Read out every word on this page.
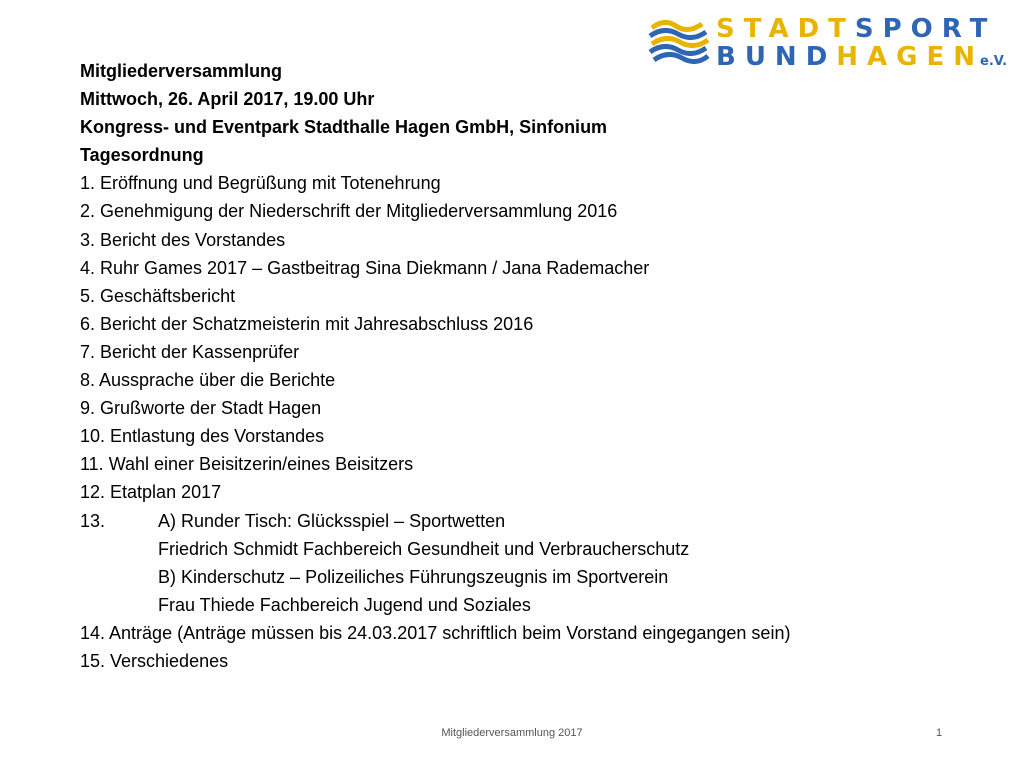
STADTSPORT
BUNDHAGENe.V.
Mitgliederversammlung
Mittwoch, 26. April 2017, 19.00 Uhr
Kongress- und Eventpark Stadthalle Hagen GmbH, Sinfonium
Tagesordnung
1. Eröffnung und Begrüßung mit Totenehrung
2. Genehmigung der Niederschrift der Mitgliederversammlung 2016
3. Bericht des Vorstandes
4. Ruhr Games 2017 – Gastbeitrag Sina Diekmann / Jana Rademacher
5. Geschäftsbericht
6. Bericht der Schatzmeisterin mit Jahresabschluss 2016
7. Bericht der Kassenprüfer
8. Aussprache über die Berichte
9. Grußworte der Stadt Hagen
10. Entlastung des Vorstandes
11. Wahl einer Beisitzerin/eines Beisitzers
12. Etatplan 2017
13.	A) Runder Tisch: Glücksspiel – Sportwetten
Friedrich Schmidt Fachbereich Gesundheit und Verbraucherschutz
B) Kinderschutz – Polizeiliches Führungszeugnis im Sportverein
Frau Thiede Fachbereich Jugend und Soziales
14. Anträge (Anträge müssen bis 24.03.2017 schriftlich beim Vorstand eingegangen sein)
15. Verschiedenes
Mitgliederversammlung 2017	1
